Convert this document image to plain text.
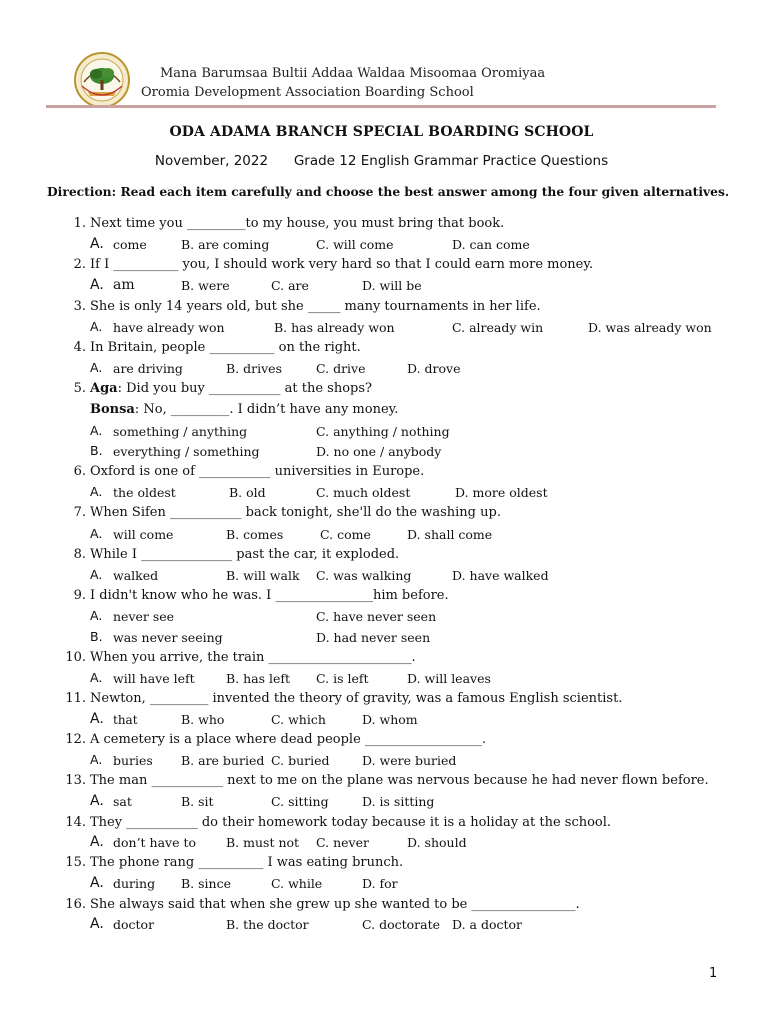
Mana Barumsaa Bultii Addaa Waldaa Misoomaa Oromiyaa
Oromia Development Association Boarding School
ODA ADAMA BRANCH SPECIAL BOARDING SCHOOL
November, 2022 Grade 12 English Grammar Practice Questions
Direction: Read each item carefully and choose the best answer among the four given alternatives.
1. Next time you _________to my house, you must bring that book.
A. come	B. are coming	C. will come	D. can come
2. If I __________ you, I should work very hard so that I could earn more money.
A. am	B. were	C. are	D. will be
3. She is only 14 years old, but she _____ many tournaments in her life.
A. have already won	B. has already won	C. already win	D. was already won
4. In Britain, people __________ on the right.
A. are driving	B. drives	C. drive	D. drove
5. Aga: Did you buy ___________ at the shops?
Bonsa: No, _________. I didn’t have any money.
A. something / anything	C. anything / nothing
B. everything / something	D. no one / anybody
6. Oxford is one of ___________ universities in Europe.
A. the oldest	B. old	C. much oldest	D. more oldest
7. When Sifen ___________ back tonight, she'll do the washing up.
A. will come	B. comes	C. come	D. shall come
8. While I ______________ past the car, it exploded.
A. walked	B. will walk C. was walking	D. have walked
9. I didn't know who he was. I _______________him before.
A. never see	C. have never seen
B. was never seeing	D. had never seen
10. When you arrive, the train ______________________.
A. will have left	B. has left C. is left	D. will leaves
11. Newton, _________ invented the theory of gravity, was a famous English scientist.
A. that	B. who	C. which	D. whom
12. A cemetery is a place where dead people __________________.
A. buries B. are buried C. buried	D. were buried
13. The man ___________ next to me on the plane was nervous because he had never flown before.
A. sat	B. sit	C. sitting	D. is sitting
14. They ___________ do their homework today because it is a holiday at the school.
A. don’t have to B. must not C. never	D. should
15. The phone rang __________ I was eating brunch.
A. during B. since	C. while	D. for
16. She always said that when she grew up she wanted to be ________________.
A. doctor	B. the doctor	C. doctorate D. a doctor
1
